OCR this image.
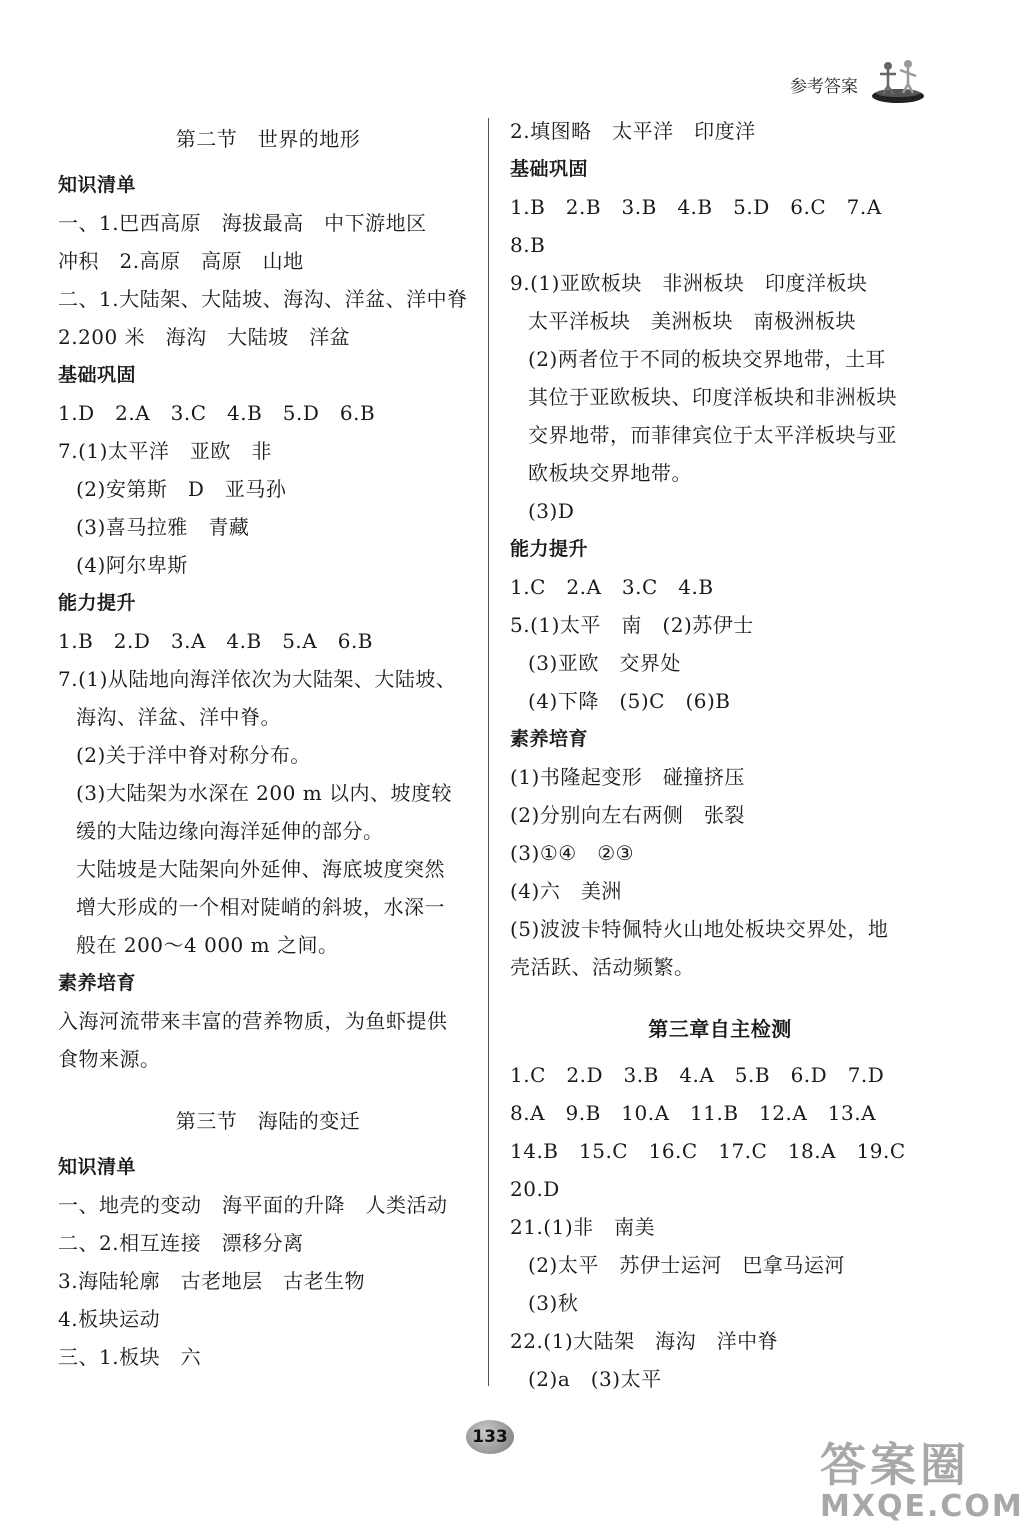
参考答案
第二节　世界的地形
知识清单
一、1.巴西高原　海拔最高　中下游地区
冲积　2.高原　高原　山地
二、1.大陆架、大陆坡、海沟、洋盆、洋中脊
2.200 米　海沟　大陆坡　洋盆
基础巩固
1.D　2.A　3.C　4.B　5.D　6.B
7.(1)太平洋　亚欧　非
(2)安第斯　D　亚马孙
(3)喜马拉雅　青藏
(4)阿尔卑斯
能力提升
1.B　2.D　3.A　4.B　5.A　6.B
7.(1)从陆地向海洋依次为大陆架、大陆坡、
海沟、洋盆、洋中脊。
(2)关于洋中脊对称分布。
(3)大陆架为水深在 200 m 以内、坡度较
缓的大陆边缘向海洋延伸的部分。
大陆坡是大陆架向外延伸、海底坡度突然
增大形成的一个相对陡峭的斜坡，水深一
般在 200～4 000 m 之间。
素养培育
入海河流带来丰富的营养物质，为鱼虾提供
食物来源。
第三节　海陆的变迁
知识清单
一、地壳的变动　海平面的升降　人类活动
二、2.相互连接　漂移分离
3.海陆轮廓　古老地层　古老生物
4.板块运动
三、1.板块　六
2.填图略　太平洋　印度洋
基础巩固
1.B　2.B　3.B　4.B　5.D　6.C　7.A
8.B
9.(1)亚欧板块　非洲板块　印度洋板块
太平洋板块　美洲板块　南极洲板块
(2)两者位于不同的板块交界地带，土耳
其位于亚欧板块、印度洋板块和非洲板块
交界地带，而菲律宾位于太平洋板块与亚
欧板块交界地带。
(3)D
能力提升
1.C　2.A　3.C　4.B
5.(1)太平　南　(2)苏伊士
(3)亚欧　交界处
(4)下降　(5)C　(6)B
素养培育
(1)书隆起变形　碰撞挤压
(2)分别向左右两侧　张裂
(3)①④　②③
(4)六　美洲
(5)波波卡特佩特火山地处板块交界处，地
壳活跃、活动频繁。
第三章自主检测
1.C　2.D　3.B　4.A　5.B　6.D　7.D
8.A　9.B　10.A　11.B　12.A　13.A
14.B　15.C　16.C　17.C　18.A　19.C
20.D
21.(1)非　南美
(2)太平　苏伊士运河　巴拿马运河
(3)秋
22.(1)大陆架　海沟　洋中脊
(2)a　(3)太平
133
答案圈
MXQE.COM
